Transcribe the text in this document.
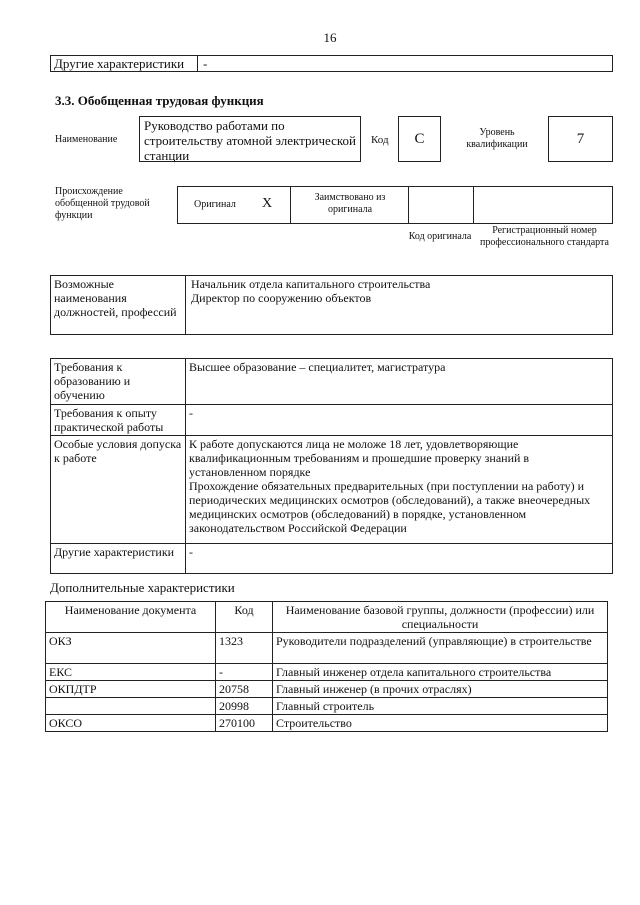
16
Другие характеристики	-
3.3. Обобщенная трудовая функция
Наименование
Руководство работами по строительству атомной электрической станции
Код	С	Уровень квалификации	7
Происхождение обобщенной трудовой функции
Оригинал Х	Заимствовано из оригинала
Код оригинала
Регистрационный номер профессионального стандарта
Возможные наименования должностей, профессий	Начальник отдела капитального строительства
Директор по сооружению объектов
Требования к образованию и обучению	Высшее образование – специалитет, магистратура
Требования к опыту практической работы	-
Особые условия допуска к работе	К работе допускаются лица не моложе 18 лет, удовлетворяющие квалификационным требованиям и прошедшие проверку знаний в установленном порядке
Прохождение обязательных предварительных (при поступлении на работу) и периодических медицинских осмотров (обследований), а также внеочередных медицинских осмотров (обследований) в порядке, установленном законодательством Российской Федерации
Другие характеристики	-
Дополнительные характеристики
Наименование документа	Код	Наименование базовой группы, должности (профессии) или специальности
ОКЗ	1323	Руководители подразделений (управляющие) в строительстве
ЕКС	-	Главный инженер отдела капитального строительства
ОКПДТР	20758	Главный инженер (в прочих отраслях)
	20998	Главный строитель
ОКСО	270100	Строительство
